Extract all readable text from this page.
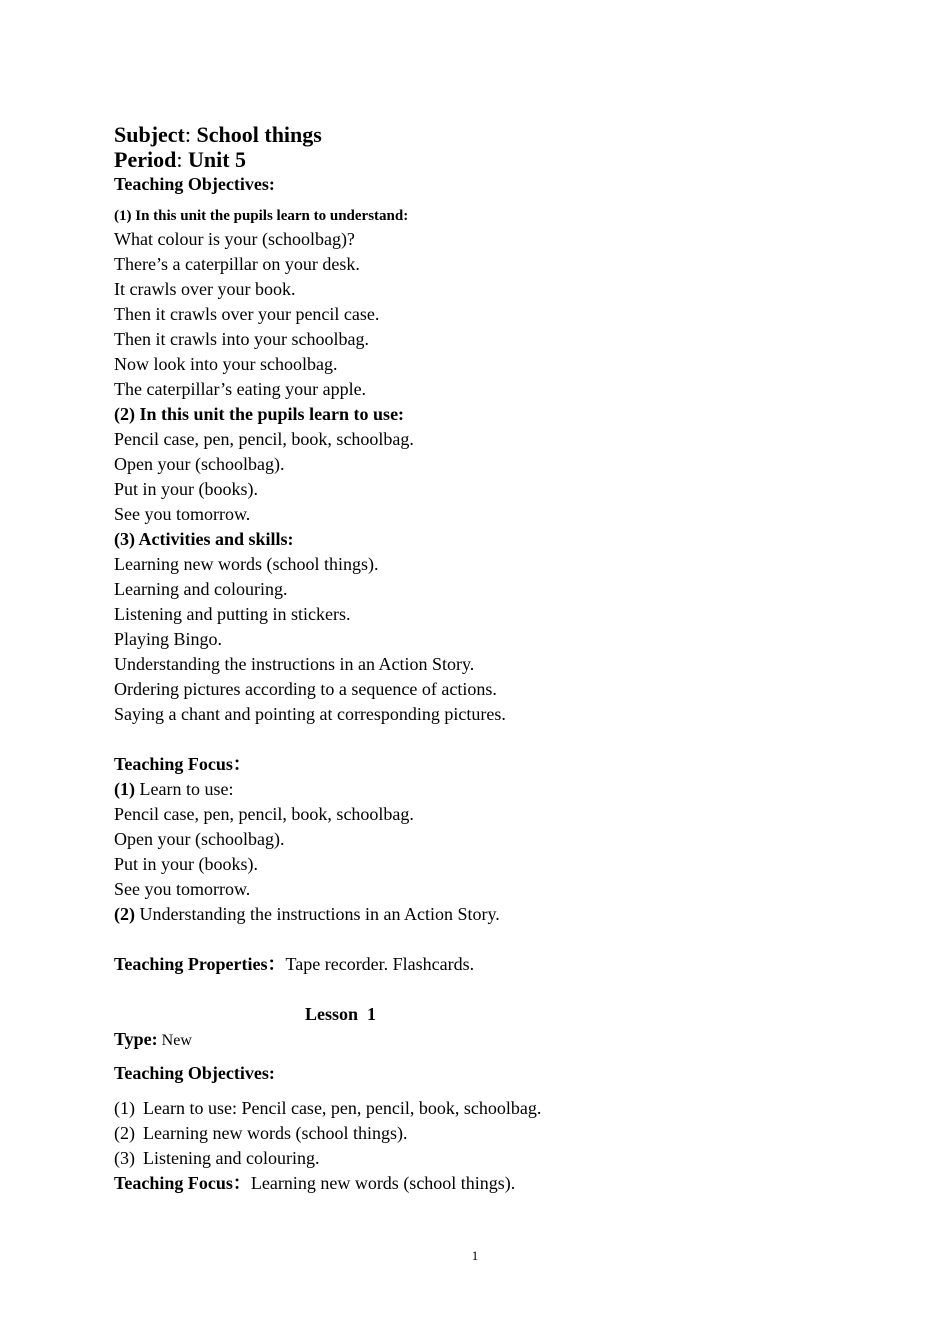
Subject: School things
Period: Unit 5
Teaching Objectives:
(1) In this unit the pupils learn to understand:
What colour is your (schoolbag)?
There’s a caterpillar on your desk.
It crawls over your book.
Then it crawls over your pencil case.
Then it crawls into your schoolbag.
Now look into your schoolbag.
The caterpillar’s eating your apple.
(2) In this unit the pupils learn to use:
Pencil case, pen, pencil, book, schoolbag.
Open your (schoolbag).
Put in your (books).
See you tomorrow.
(3) Activities and skills:
Learning new words (school things).
Learning and colouring.
Listening and putting in stickers.
Playing Bingo.
Understanding the instructions in an Action Story.
Ordering pictures according to a sequence of actions.
Saying a chant and pointing at corresponding pictures.
Teaching Focus：
(1) Learn to use:
Pencil case, pen, pencil, book, schoolbag.
Open your (schoolbag).
Put in your (books).
See you tomorrow.
(2) Understanding the instructions in an Action Story.
Teaching Properties：Tape recorder. Flashcards.
Lesson  1
Type: New
Teaching Objectives:
(1) Learn to use: Pencil case, pen, pencil, book, schoolbag.
(2) Learning new words (school things).
(3) Listening and colouring.
Teaching Focus：Learning new words (school things).
1
